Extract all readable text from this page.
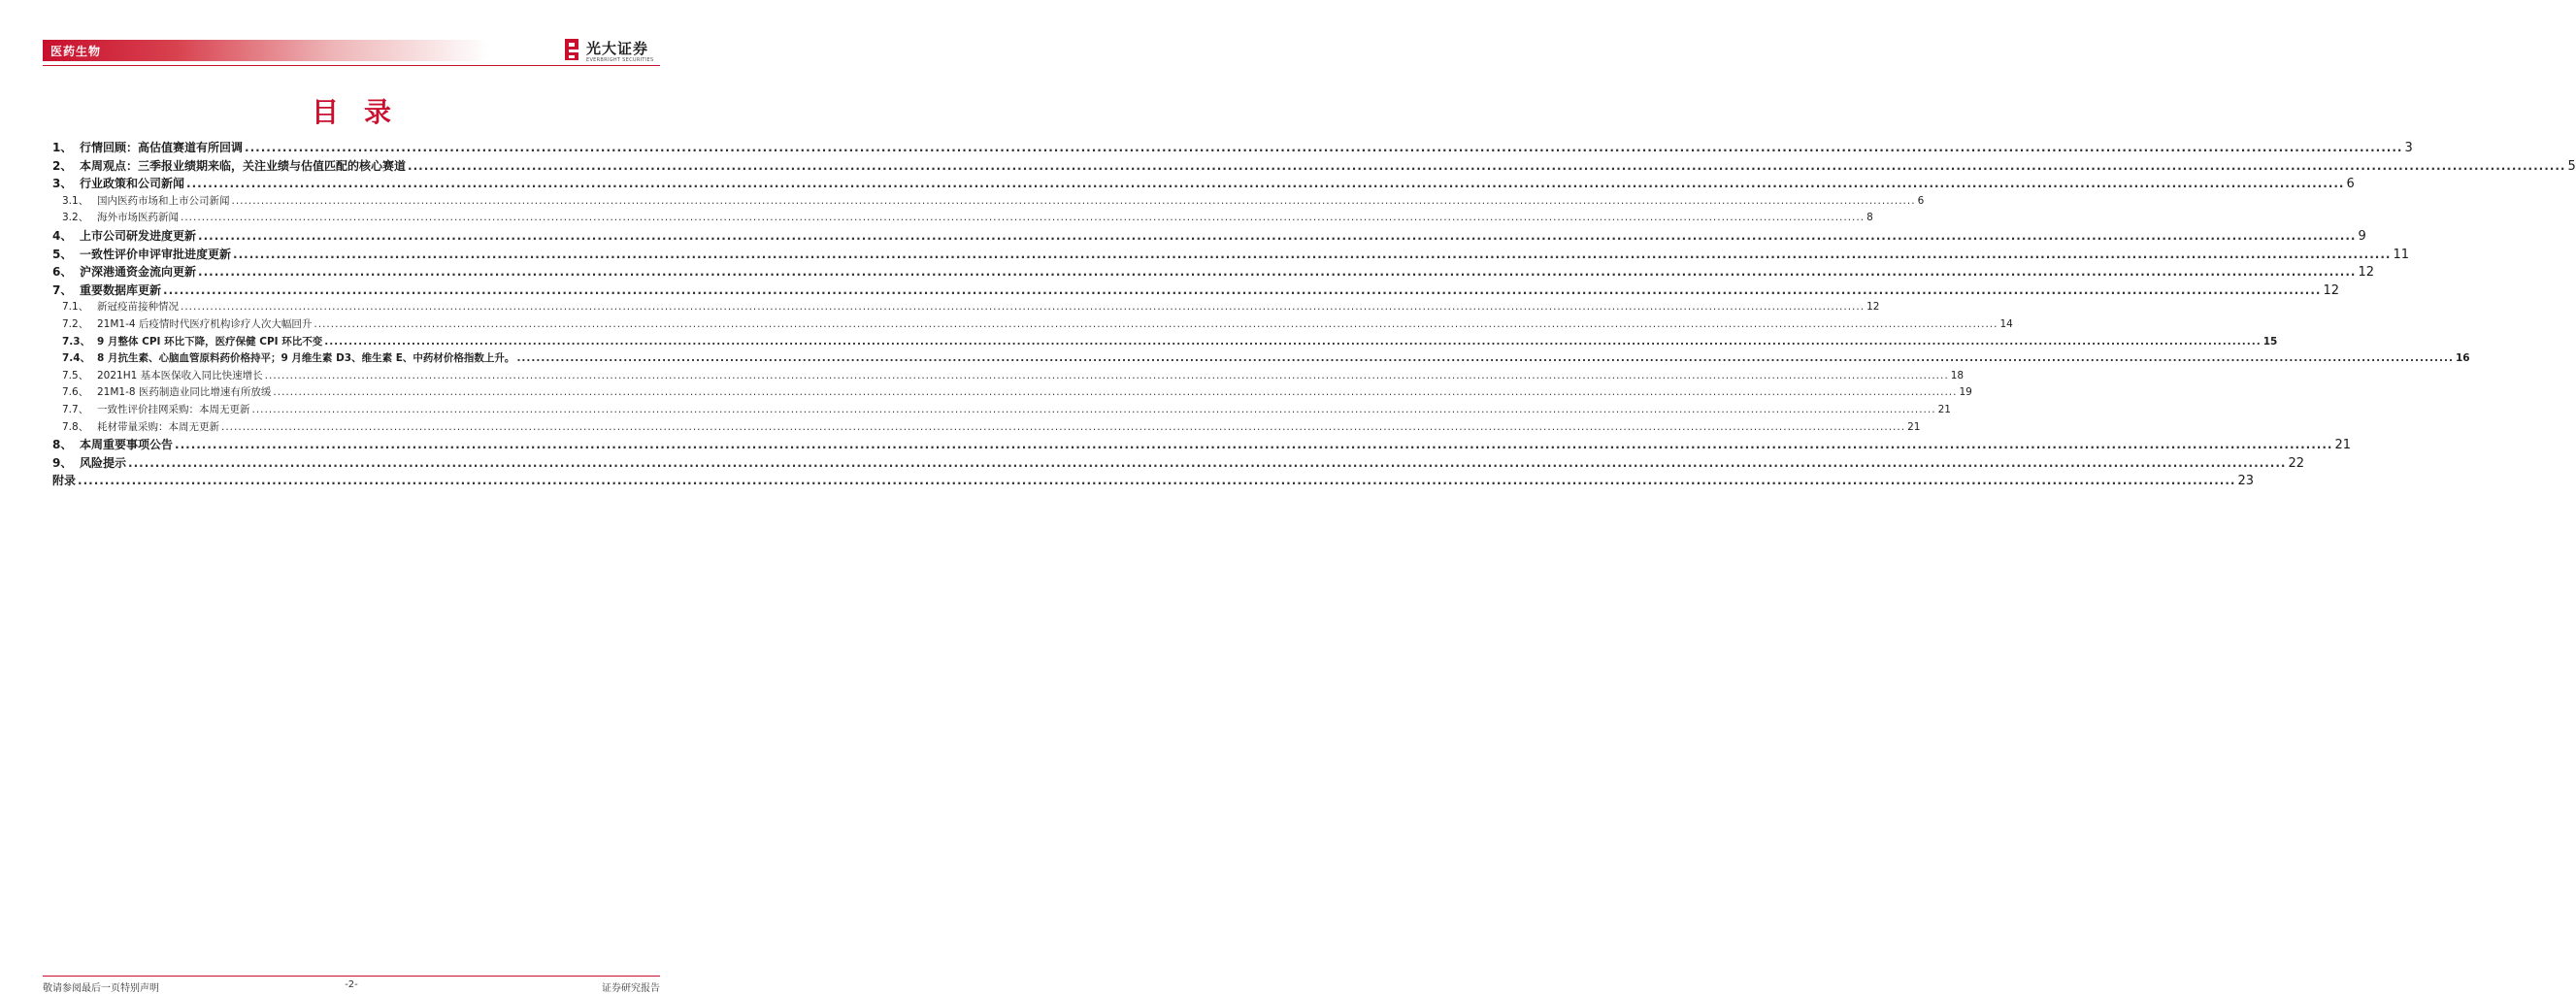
医药生物	光大证券
EVERBRIGHT SECURITIES
目录
1、 行情回顾：高估值赛道有所回调 ................................................................................................................................................................................................................................................................................................................................................................................................................ 3
2、 本周观点：三季报业绩期来临，关注业绩与估值匹配的核心赛道 ................................................................................................................................................................................................................................................................................................................................................................................................................ 5
3、 行业政策和公司新闻 ................................................................................................................................................................................................................................................................................................................................................................................................................ 6
3.1、 国内医药市场和上市公司新闻 ................................................................................................................................................................................................................................................................................................................................................................................................................ 6
3.2、 海外市场医药新闻 ................................................................................................................................................................................................................................................................................................................................................................................................................ 8
4、 上市公司研发进度更新 ................................................................................................................................................................................................................................................................................................................................................................................................................ 9
5、 一致性评价申评审批进度更新 ................................................................................................................................................................................................................................................................................................................................................................................................................ 11
6、 沪深港通资金流向更新 ................................................................................................................................................................................................................................................................................................................................................................................................................ 12
7、 重要数据库更新 ................................................................................................................................................................................................................................................................................................................................................................................................................ 12
7.1、 新冠疫苗接种情况 ................................................................................................................................................................................................................................................................................................................................................................................................................ 12
7.2、 21M1-4 后疫情时代医疗机构诊疗人次大幅回升 ................................................................................................................................................................................................................................................................................................................................................................................................................ 14
7.3、 9 月整体 CPI 环比下降，医疗保健 CPI 环比不变 ................................................................................................................................................................................................................................................................................................................................................................................................................ 15
7.4、 8 月抗生素、心脑血管原料药价格持平；9 月维生素 D3、维生素 E、中药材价格指数上升。 ................................................................................................................................................................................................................................................................................................................................................................................................................ 16
7.5、 2021H1 基本医保收入同比快速增长 ................................................................................................................................................................................................................................................................................................................................................................................................................ 18
7.6、 21M1-8 医药制造业同比增速有所放缓 ................................................................................................................................................................................................................................................................................................................................................................................................................ 19
7.7、 一致性评价挂网采购：本周无更新 ................................................................................................................................................................................................................................................................................................................................................................................................................ 21
7.8、 耗材带量采购：本周无更新 ................................................................................................................................................................................................................................................................................................................................................................................................................ 21
8、 本周重要事项公告 ................................................................................................................................................................................................................................................................................................................................................................................................................ 21
9、 风险提示 ................................................................................................................................................................................................................................................................................................................................................................................................................ 22
附录 ................................................................................................................................................................................................................................................................................................................................................................................................................ 23
敬请参阅最后一页特别声明	-2-	证券研究报告
